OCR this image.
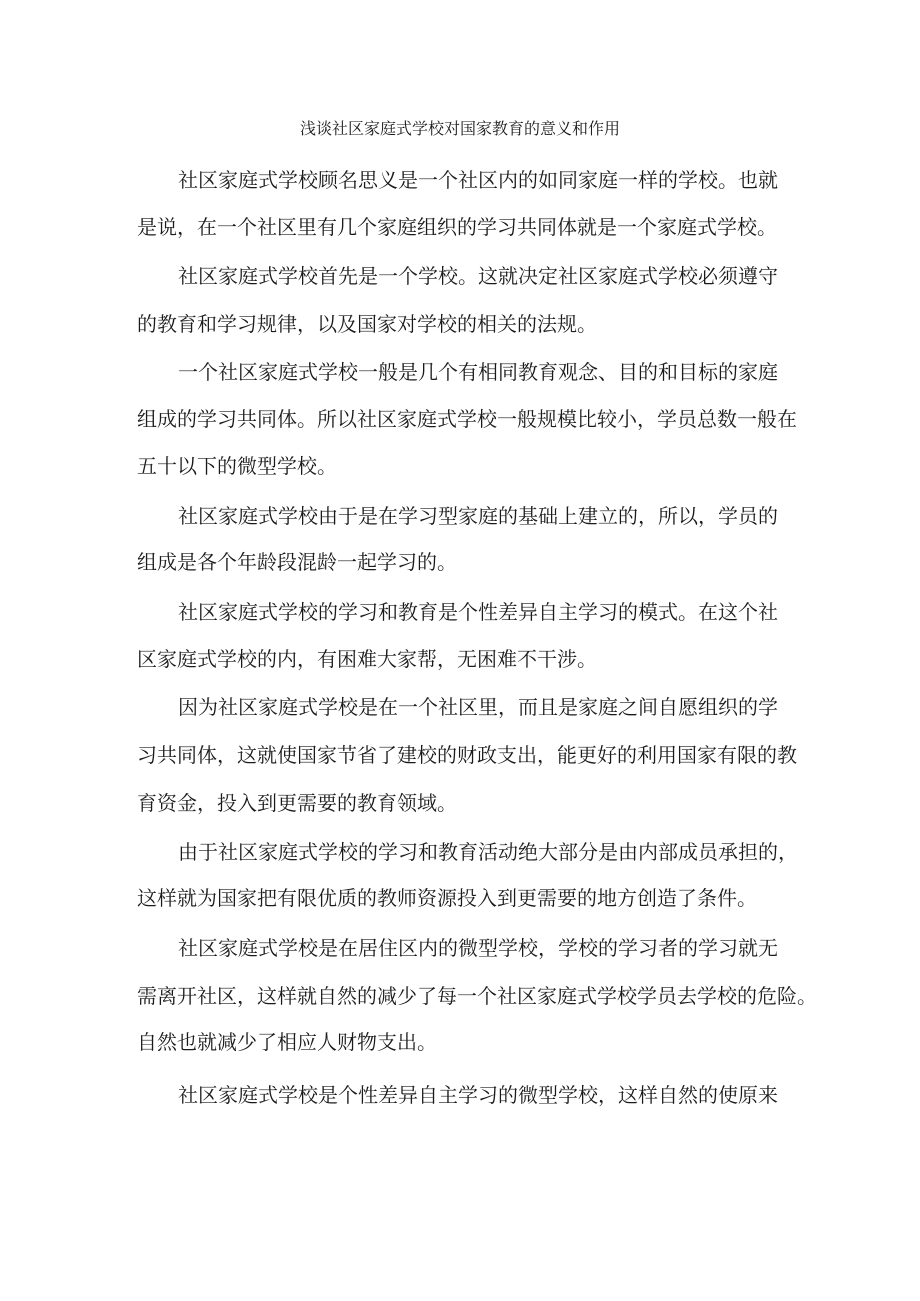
浅谈社区家庭式学校对国家教育的意义和作用
社区家庭式学校顾名思义是一个社区内的如同家庭一样的学校。也就
是说，在一个社区里有几个家庭组织的学习共同体就是一个家庭式学校。
社区家庭式学校首先是一个学校。这就决定社区家庭式学校必须遵守
的教育和学习规律，以及国家对学校的相关的法规。
一个社区家庭式学校一般是几个有相同教育观念、目的和目标的家庭
组成的学习共同体。所以社区家庭式学校一般规模比较小，学员总数一般在
五十以下的微型学校。
社区家庭式学校由于是在学习型家庭的基础上建立的，所以，学员的
组成是各个年龄段混龄一起学习的。
社区家庭式学校的学习和教育是个性差异自主学习的模式。在这个社
区家庭式学校的内，有困难大家帮，无困难不干涉。
因为社区家庭式学校是在一个社区里，而且是家庭之间自愿组织的学
习共同体，这就使国家节省了建校的财政支出，能更好的利用国家有限的教
育资金，投入到更需要的教育领域。
由于社区家庭式学校的学习和教育活动绝大部分是由内部成员承担的，
这样就为国家把有限优质的教师资源投入到更需要的地方创造了条件。
社区家庭式学校是在居住区内的微型学校，学校的学习者的学习就无
需离开社区，这样就自然的减少了每一个社区家庭式学校学员去学校的危险。
自然也就减少了相应人财物支出。
社区家庭式学校是个性差异自主学习的微型学校，这样自然的使原来
